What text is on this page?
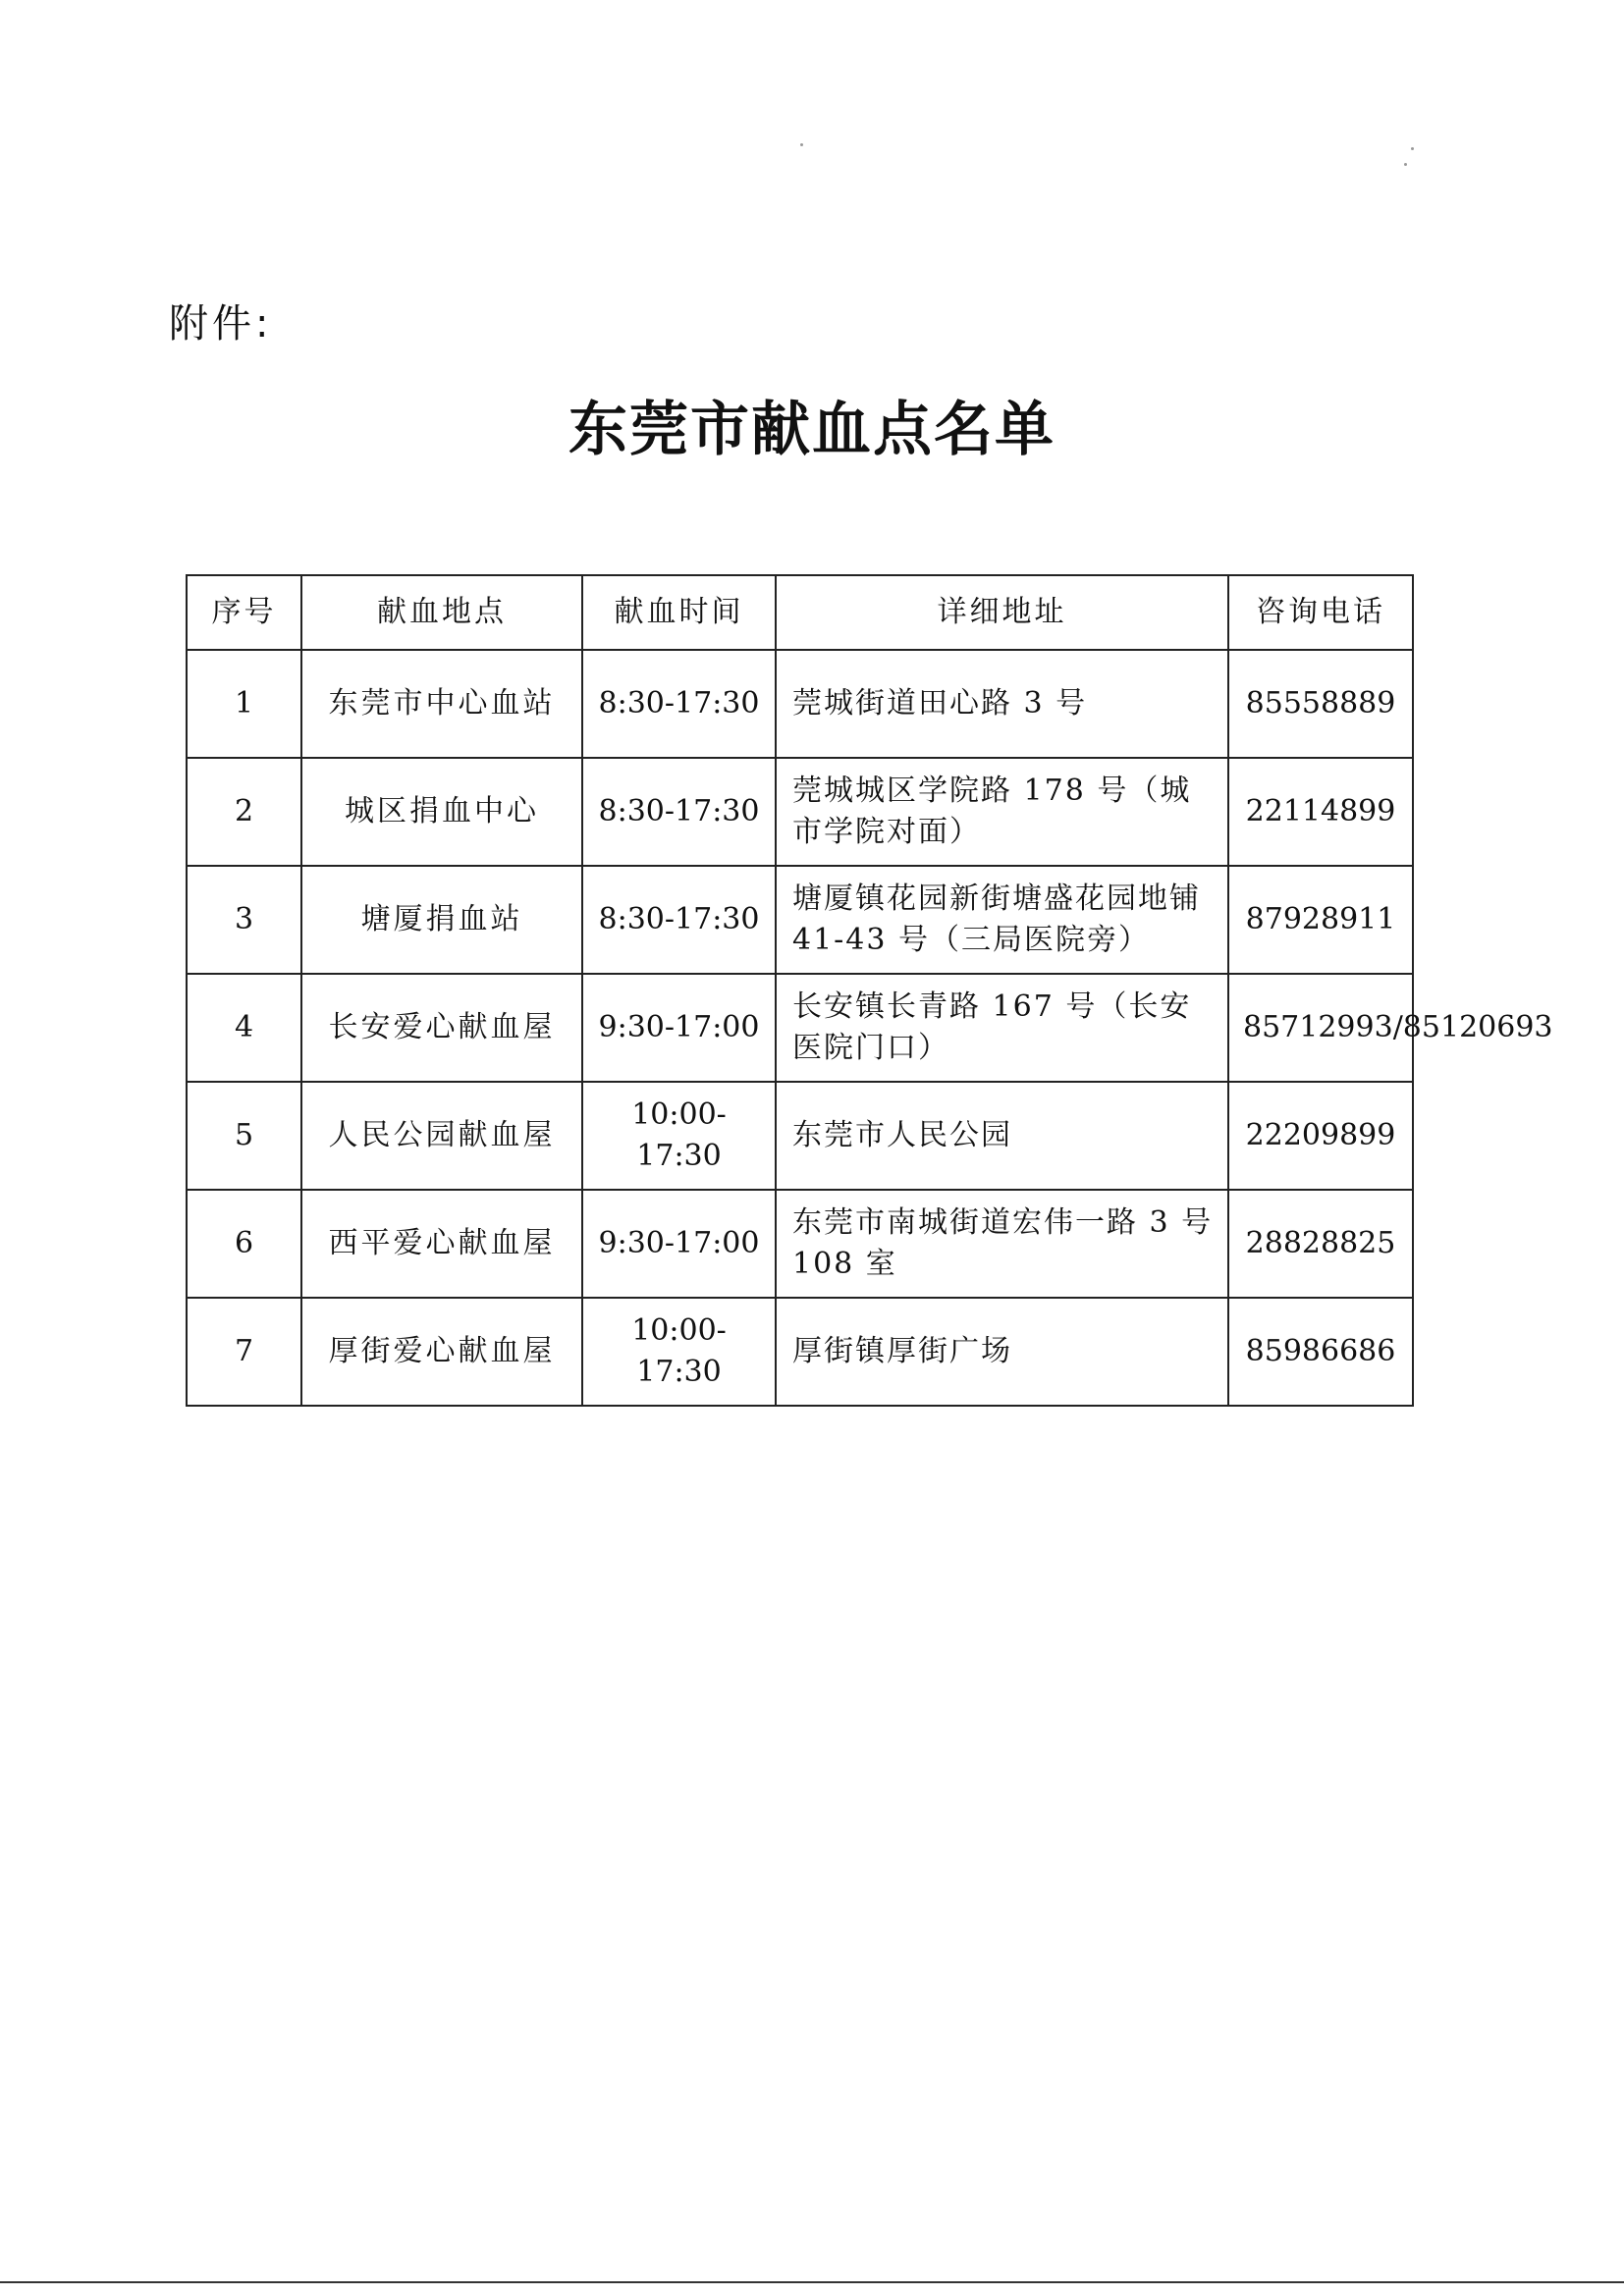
附件:
东莞市献血点名单
序号	献血地点	献血时间	详细地址	咨询电话
1	东莞市中心血站	8:30-17:30	莞城街道田心路 3 号	85558889
2	城区捐血中心	8:30-17:30	莞城城区学院路 178 号（城市学院对面）	22114899
3	塘厦捐血站	8:30-17:30	塘厦镇花园新街塘盛花园地铺 41-43 号（三局医院旁）	87928911
4	长安爱心献血屋	9:30-17:00	长安镇长青路 167 号（长安医院门口）	85712993/85120693
5	人民公园献血屋	10:00-17:30	东莞市人民公园	22209899
6	西平爱心献血屋	9:30-17:00	东莞市南城街道宏伟一路 3 号 108 室	28828825
7	厚街爱心献血屋	10:00-17:30	厚街镇厚街广场	85986686
